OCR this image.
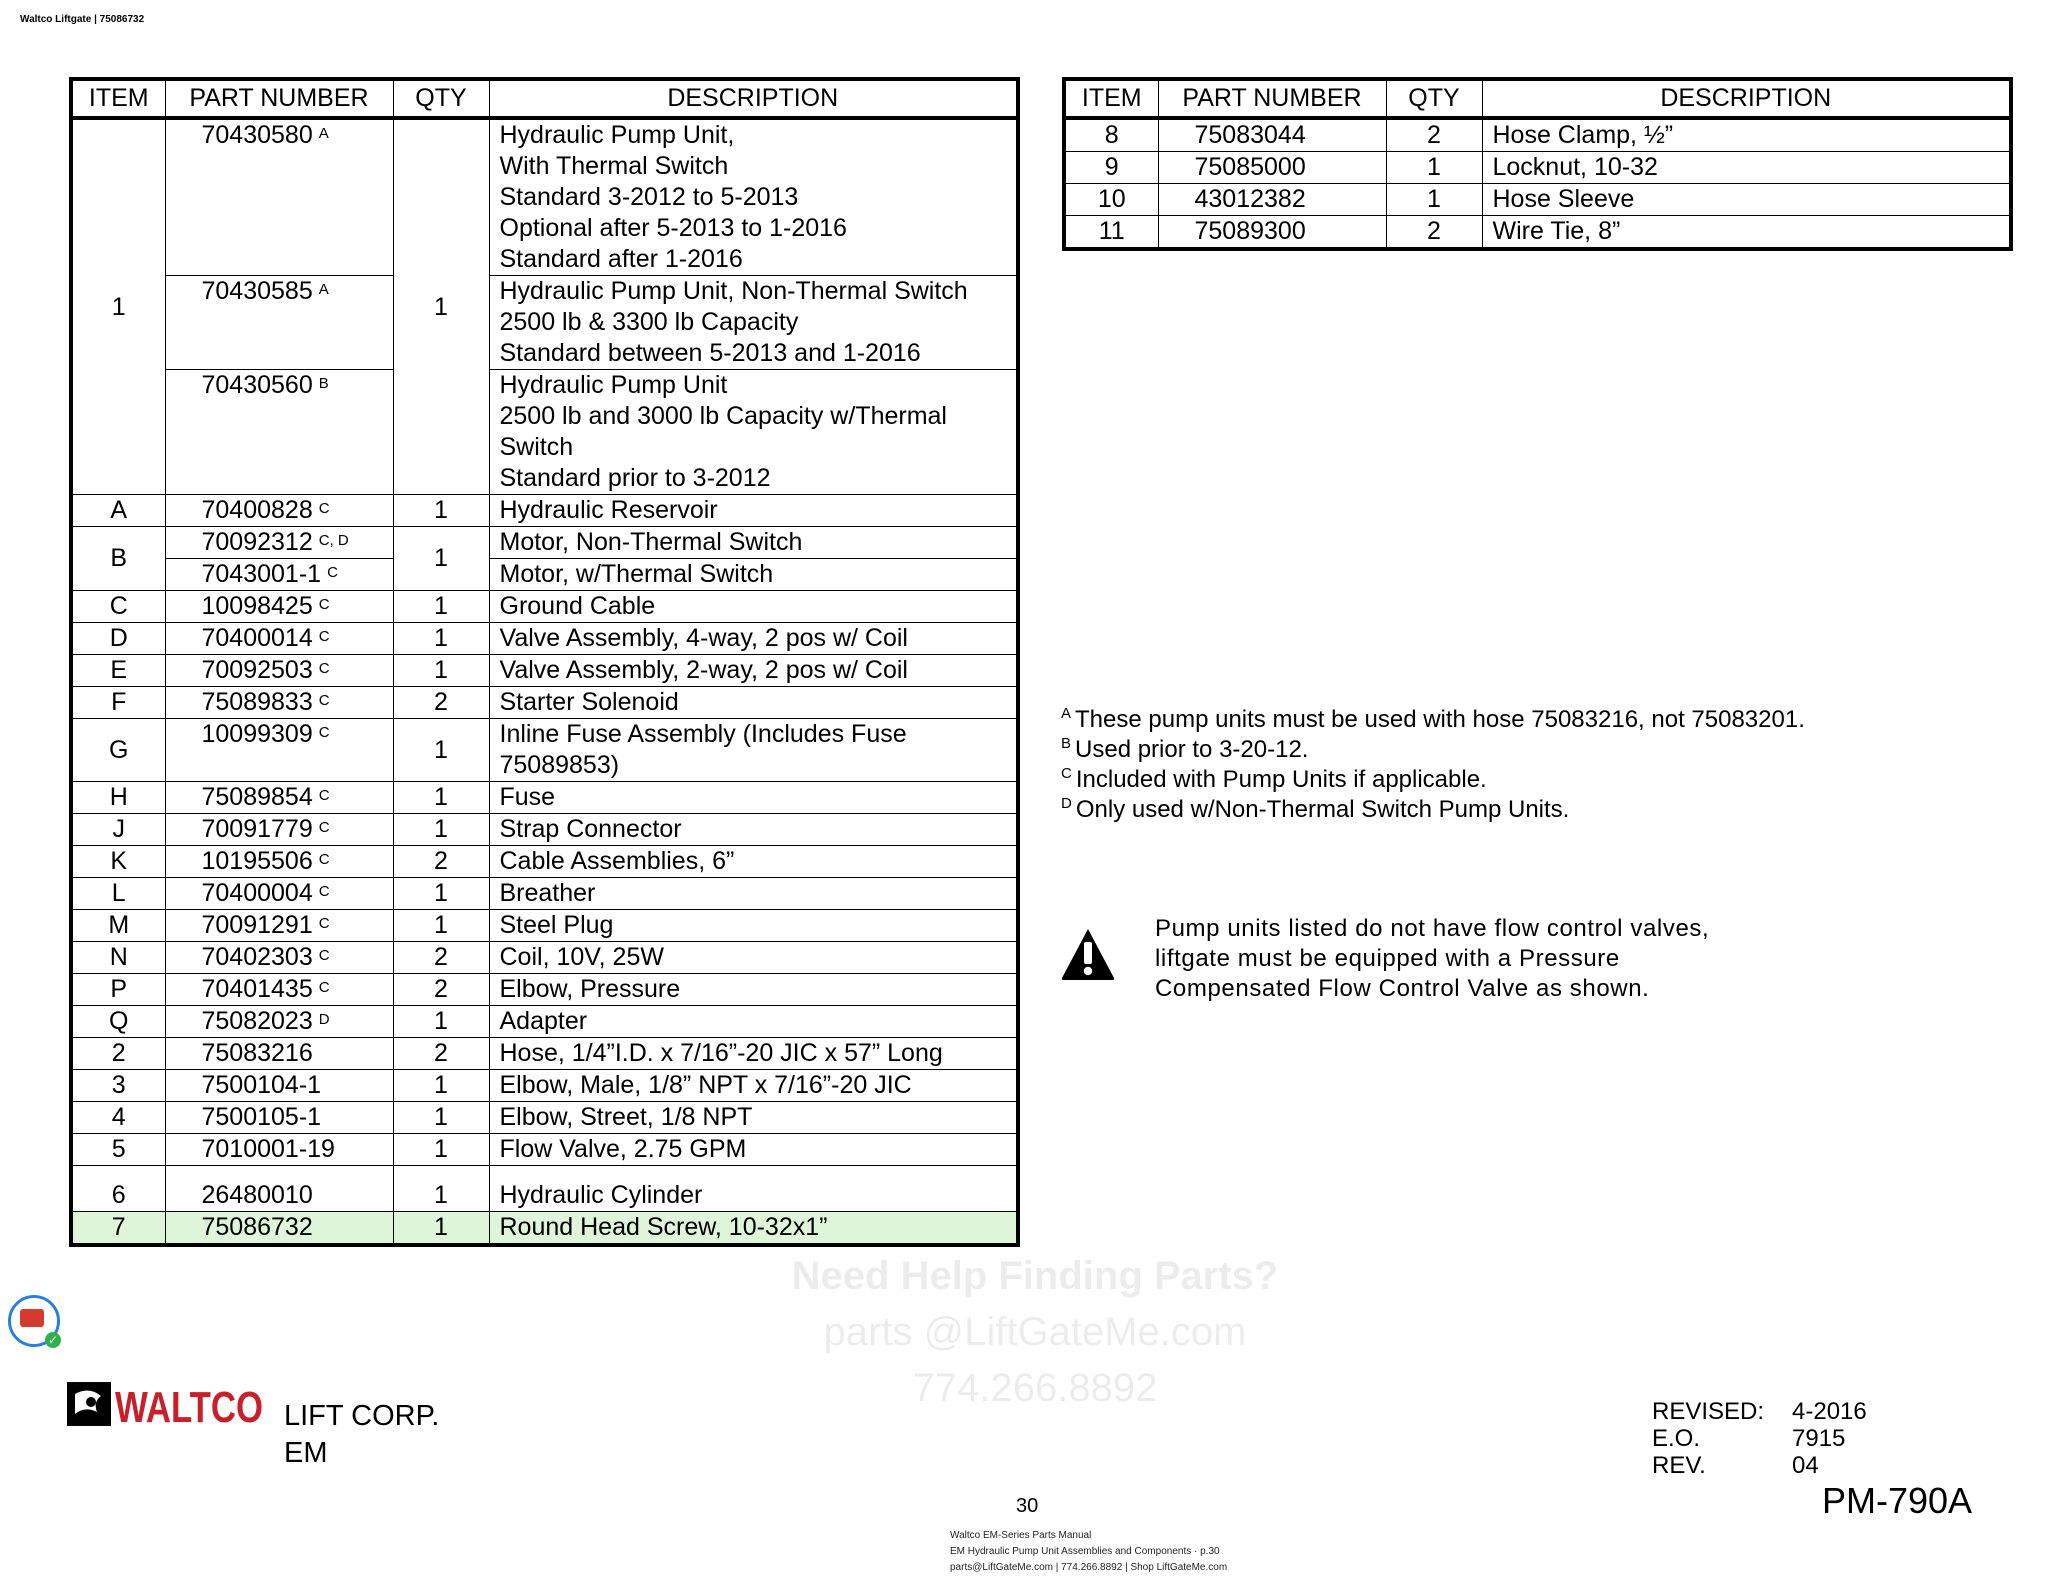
Waltco Liftgate | 75086732
ITEM	PART NUMBER	QTY	DESCRIPTION
1	70430580 $^A$	1	Hydraulic Pump Unit,
With Thermal Switch
Standard 3-2012 to 5-2013
Optional after 5-2013 to 1-2016
Standard after 1-2016

	70430585 $^A$		Hydraulic Pump Unit, Non-Thermal Switch
2500 lb & 3300 lb Capacity
Standard between 5-2013 and 1-2016

	70430560 $^B$		Hydraulic Pump Unit
2500 lb and 3000 lb Capacity w/Thermal Switch
Standard prior to 3-2012

A	70400828 $^C$	1	Hydraulic Reservoir
B	70092312 $^{C, D}$	1	Motor, Non-Thermal Switch
	7043001-1 $^C$		Motor, w/Thermal Switch
C	10098425 $^C$	1	Ground Cable
D	70400014 $^C$	1	Valve Assembly, 4-way, 2 pos w/ Coil
E	70092503 $^C$	1	Valve Assembly, 2-way, 2 pos w/ Coil
F	75089833 $^C$	2	Starter Solenoid
G	10099309 $^C$	1	Inline Fuse Assembly (Includes Fuse 75089853)
H	75089854 $^C$	1	Fuse
J	70091779 $^C$	1	Strap Connector
K	10195506 $^C$	2	Cable Assemblies, 6”
L	70400004 $^C$	1	Breather
M	70091291 $^C$	1	Steel Plug
N	70402303 $^C$	2	Coil, 10V, 25W
P	70401435 $^C$	2	Elbow, Pressure
Q	75082023 $^D$	1	Adapter
2	75083216	2	Hose, 1/4”I.D. x 7/16”-20 JIC x 57” Long
3	7500104-1	1	Elbow, Male, 1/8” NPT x 7/16”-20 JIC
4	7500105-1	1	Elbow, Street, 1/8 NPT
5	7010001-19	1	Flow Valve, 2.75 GPM
6	26480010	1	Hydraulic Cylinder
7	75086732	1	Round Head Screw, 10-32x1”
ITEM	PART NUMBER	QTY	DESCRIPTION
8	75083044	2	Hose Clamp, ½”
9	75085000	1	Locknut, 10-32
10	43012382	1	Hose Sleeve
11	75089300	2	Wire Tie, 8”
$^A$ These pump units must be used with hose 75083216, not 75083201.
$^B$ Used prior to 3-20-12.
$^C$ Included with Pump Units if applicable.
$^D$ Only used w/Non-Thermal Switch Pump Units.
Pump units listed do not have flow control valves, liftgate must be equipped with a Pressure Compensated Flow Control Valve as shown.
WALTCO LIFT CORP.
EM
REVISED:	4-2016
E.O.	7915
REV.	04
PM-790A
30
Need Help Finding Parts?
parts @LiftGateMe.com
774.266.8892
Waltco EM-Series Parts Manual
EM Hydraulic Pump Unit Assemblies and Components · p.30
parts@LiftGateMe.com | 774.266.8892 | Shop LiftGateMe.com
✓
